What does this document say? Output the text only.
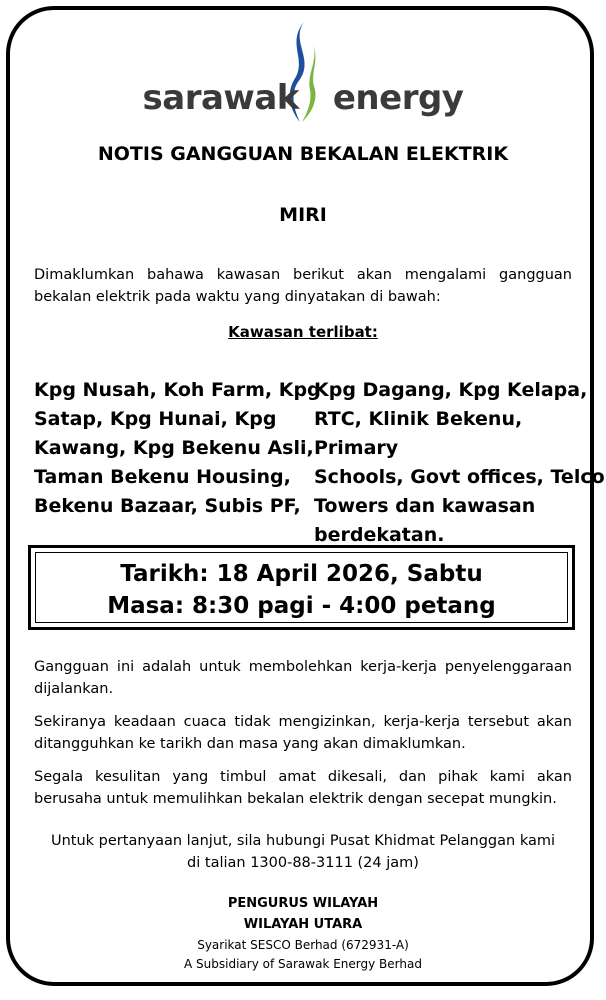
sarawak energy
NOTIS GANGGUAN BEKALAN ELEKTRIK
MIRI
Dimaklumkan bahawa kawasan berikut akan mengalami gangguan bekalan elektrik pada waktu yang dinyatakan di bawah:
Kawasan terlibat:
Kpg Nusah, Koh Farm, Kpg
Satap, Kpg Hunai, Kpg
Kawang, Kpg Bekenu Asli,
Taman Bekenu Housing,
Bekenu Bazaar, Subis PF,
Kpg Dagang, Kpg Kelapa,
RTC, Klinik Bekenu, Primary
Schools, Govt offices, Telco
Towers dan kawasan
berdekatan.
Tarikh: 18 April 2026, Sabtu
Masa: 8:30 pagi - 4:00 petang
Gangguan ini adalah untuk membolehkan kerja-kerja penyelenggaraan dijalankan.
Sekiranya keadaan cuaca tidak mengizinkan, kerja-kerja tersebut akan ditangguhkan ke tarikh dan masa yang akan dimaklumkan.
Segala kesulitan yang timbul amat dikesali, dan pihak kami akan berusaha untuk memulihkan bekalan elektrik dengan secepat mungkin.
Untuk pertanyaan lanjut, sila hubungi Pusat Khidmat Pelanggan kami di talian 1300-88-3111 (24 jam)
PENGURUS WILAYAH
WILAYAH UTARA
Syarikat SESCO Berhad (672931-A)
A Subsidiary of Sarawak Energy Berhad
